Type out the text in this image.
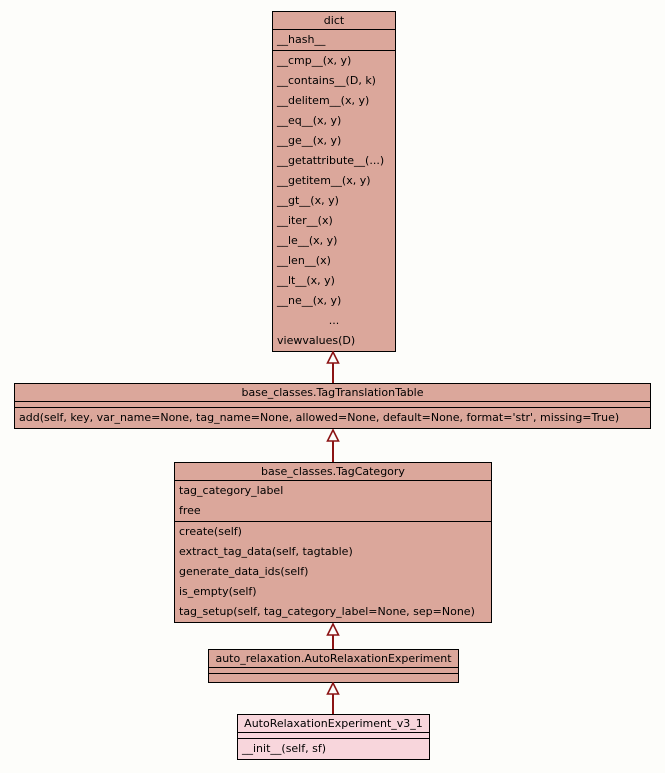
dict
__hash__
__cmp__(x, y)
__contains__(D, k)
__delitem__(x, y)
__eq__(x, y)
__ge__(x, y)
__getattribute__(...)
__getitem__(x, y)
__gt__(x, y)
__iter__(x)
__le__(x, y)
__len__(x)
__lt__(x, y)
__ne__(x, y)
...
viewvalues(D)
base_classes.TagTranslationTable
add(self, key, var_name=None, tag_name=None, allowed=None, default=None, format='str', missing=True)
base_classes.TagCategory
tag_category_label
free
create(self)
extract_tag_data(self, tagtable)
generate_data_ids(self)
is_empty(self)
tag_setup(self, tag_category_label=None, sep=None)
auto_relaxation.AutoRelaxationExperiment
AutoRelaxationExperiment_v3_1
__init__(self, sf)
